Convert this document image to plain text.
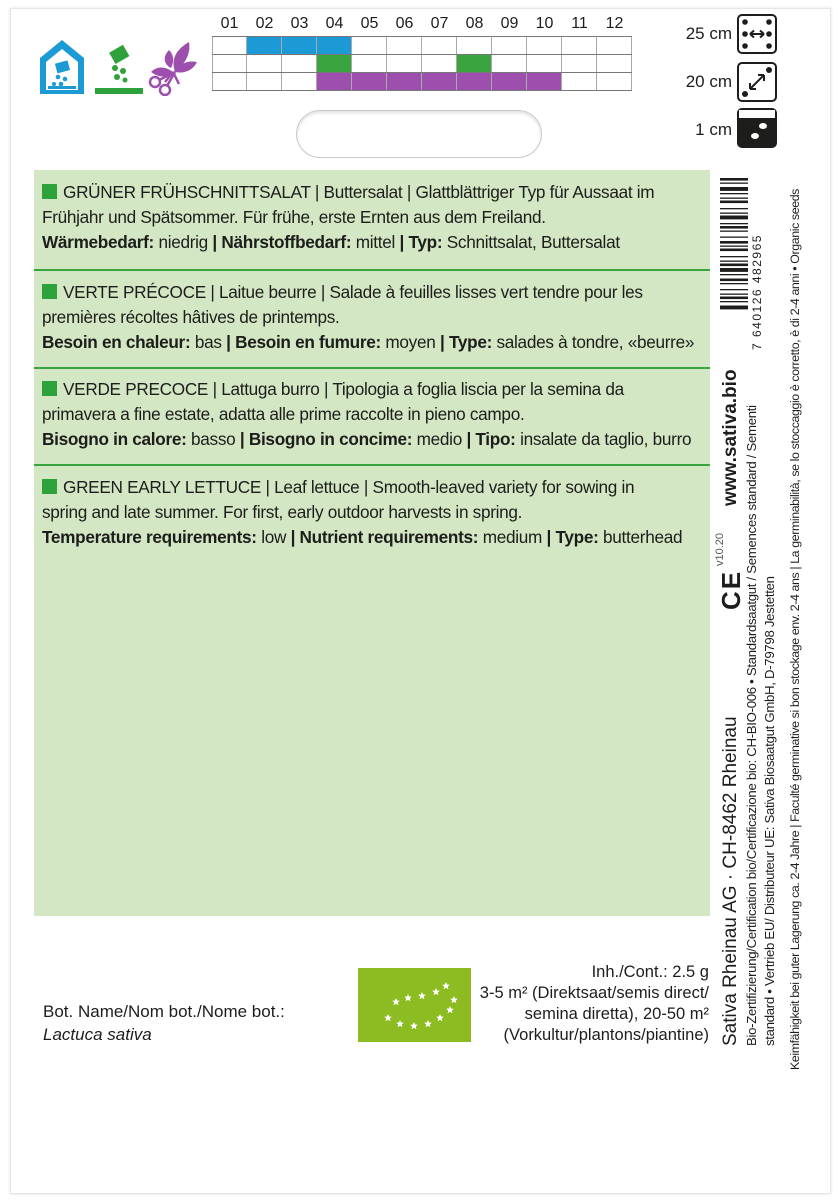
01	02	03	04	05	06	07	08	09	10	11	12
25 cm
20 cm
1 cm

GRÜNER FRÜHSCHNITTSALAT | Buttersalat | Glattblättriger Typ für Aussaat im

Frühjahr und Spätsommer. Für frühe, erste Ernten aus dem Freiland.

Wärmebedarf: niedrig | Nährstoffbedarf: mittel | Typ: Schnittsalat, Buttersalat

VERTE PRÉCOCE | Laitue beurre | Salade à feuilles lisses vert tendre pour les

premières récoltes hâtives de printemps.

Besoin en chaleur: bas | Besoin en fumure: moyen | Type: salades à tondre, «beurre»

VERDE PRECOCE | Lattuga burro | Tipologia a foglia liscia per la semina da

primavera a fine estate, adatta alle prime raccolte in pieno campo.

Bisogno in calore: basso | Bisogno in concime: medio | Tipo: insalate da taglio, burro

GREEN EARLY LETTUCE | Leaf lettuce | Smooth-leaved variety for sowing in

spring and late summer. For first, early outdoor harvests in spring.

Temperature requirements: low | Nutrient requirements: medium | Type: butterhead

Bot. Name/Nom bot./Nome bot.:
Lactuca sativa
Inh./Cont.: 2.5 g
3-5 m² (Direktsaat/semis direct/
semina diretta), 20-50 m²
(Vorkultur/plantons/piantine) Sativa Rheinau AG · CH-8462 Rheinau Bio-Zertifizierung/Certification bio/Certificazione bio: CH-BIO-006 • Standardsaatgut / Semences standard / Sementi standard • Vertrieb EU/ Distributeur UE: Sativa Biosaatgut GmbH, D-79798 Jestetten Keimfähigkeit bei guter Lagerung ca. 2-4 Jahre | Faculté germinative si bon stockage env. 2-4 ans | La germinabilità, se lo stoccaggio è corretto, è di 2-4 anni • Organic seeds
www.sativa.bio
v10.20
CE
7 640126 482965
